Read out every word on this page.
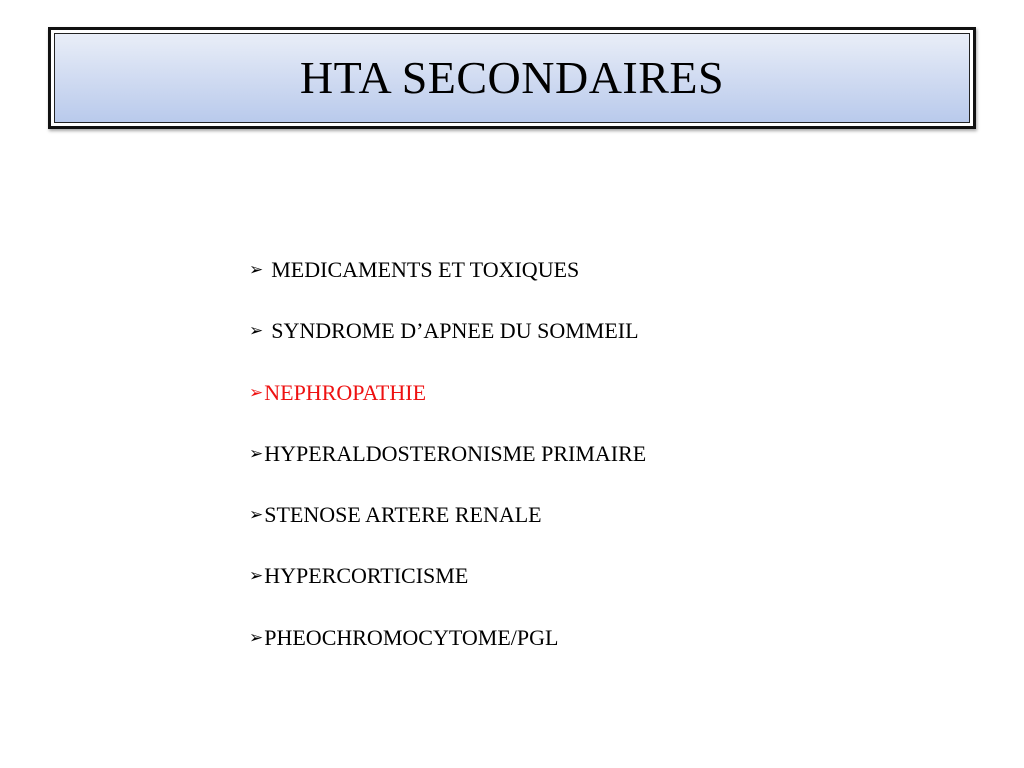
HTA SECONDAIRES
➢ MEDICAMENTS ET TOXIQUES
➢ SYNDROME D’APNEE DU SOMMEIL
➢ NEPHROPATHIE
➢ HYPERALDOSTERONISME PRIMAIRE
➢ STENOSE ARTERE RENALE
➢ HYPERCORTICISME
➢ PHEOCHROMOCYTOME/PGL
